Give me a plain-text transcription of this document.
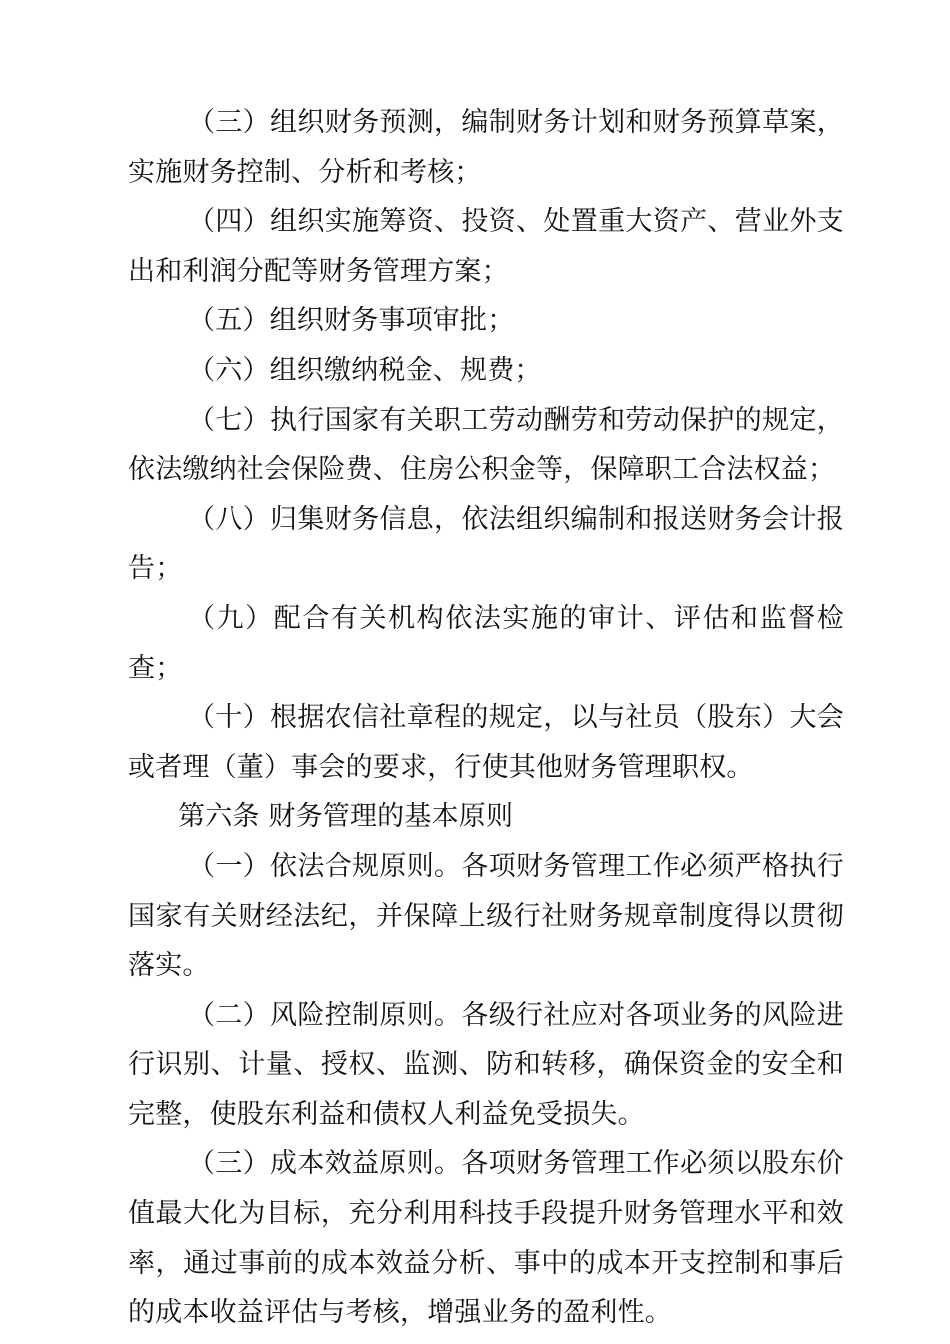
（三）组织财务预测，编制财务计划和财务预算草案，实施财务控制、分析和考核；

（四）组织实施筹资、投资、处置重大资产、营业外支出和利润分配等财务管理方案；

（五）组织财务事项审批；

（六）组织缴纳税金、规费；

（七）执行国家有关职工劳动酬劳和劳动保护的规定，依法缴纳社会保险费、住房公积金等，保障职工合法权益；

（八）归集财务信息，依法组织编制和报送财务会计报告；

（九）配合有关机构依法实施的审计、评估和监督检查；

（十）根据农信社章程的规定，以与社员（股东）大会或者理（董）事会的要求，行使其他财务管理职权。

第六条 财务管理的基本原则

（一）依法合规原则。各项财务管理工作必须严格执行国家有关财经法纪，并保障上级行社财务规章制度得以贯彻落实。

（二）风险控制原则。各级行社应对各项业务的风险进行识别、计量、授权、监测、防和转移，确保资金的安全和完整，使股东利益和债权人利益免受损失。

（三）成本效益原则。各项财务管理工作必须以股东价值最大化为目标，充分利用科技手段提升财务管理水平和效率，通过事前的成本效益分析、事中的成本开支控制和事后的成本收益评估与考核，增强业务的盈利性。
